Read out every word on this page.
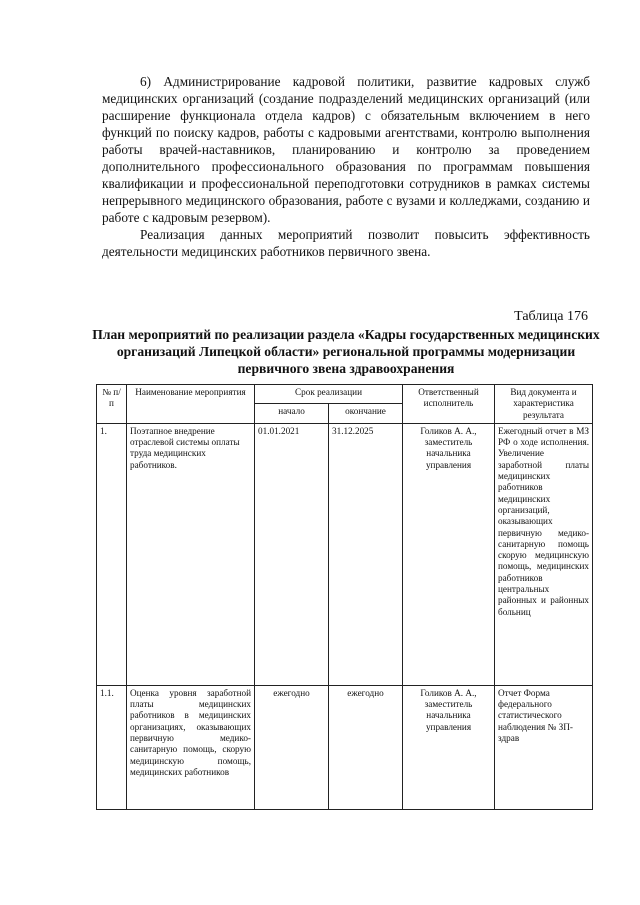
6) Администрирование кадровой политики, развитие кадровых служб медицинских организаций (создание подразделений медицинских организаций (или расширение функционала отдела кадров) с обязательным включением в него функций по поиску кадров, работы с кадровыми агентствами, контролю выполнения работы врачей-наставников, планированию и контролю за проведением дополнительного профессионального образования по программам повышения квалификации и профессиональной переподготовки сотрудников в рамках системы непрерывного медицинского образования, работе с вузами и колледжами, созданию и работе с кадровым резервом).

Реализация данных мероприятий позволит повысить эффективность деятельности медицинских работников первичного звена.

Таблица 176
План мероприятий по реализации раздела «Кадры государственных медицинских организаций Липецкой области» региональной программы модернизации первичного звена здравоохранения
№ п/п	Наименование мероприятия	Срок реализации		Ответственный исполнитель	Вид документа и характеристика результата
		начало	окончание		
1.	Поэтапное внедрение отраслевой системы оплаты труда медицинских работников.	01.01.2021	31.12.2025	Голиков А. А., заместитель начальника управления	Ежегодный отчет в МЗ РФ о ходе исполнения. Увеличение заработной платы медицинских работников медицинских организаций, оказывающих первичную медико-санитарную помощь скорую медицинскую помощь, медицинских работников центральных районных и районных больниц
1.1.	Оценка уровня заработной платы медицинских работников в медицинских организациях, оказывающих первичную медико-санитарную помощь, скорую медицинскую помощь, медицинских работников	ежегодно	ежегодно	Голиков А. А., заместитель начальника управления	Отчет Форма федерального статистического наблюдения № ЗП-здрав
